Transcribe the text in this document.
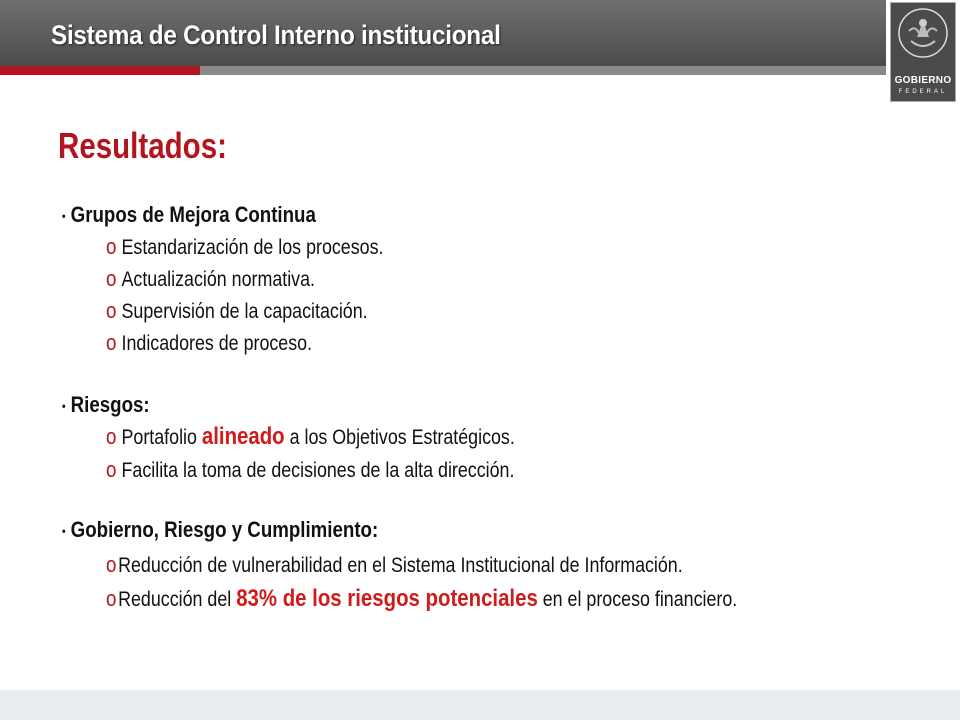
Sistema de Control Interno institucional
GOBIERNO
FEDERAL
Resultados:
• Grupos de Mejora Continua
o Estandarización de los procesos.
o Actualización normativa.
o Supervisión de la capacitación.
o Indicadores de proceso.
• Riesgos:
o Portafolio alineado a los Objetivos Estratégicos.
o Facilita la toma de decisiones de la alta dirección.
• Gobierno, Riesgo y Cumplimiento:
oReducción de vulnerabilidad en el Sistema Institucional de Información.
oReducción del 83% de los riesgos potenciales en el proceso financiero.
